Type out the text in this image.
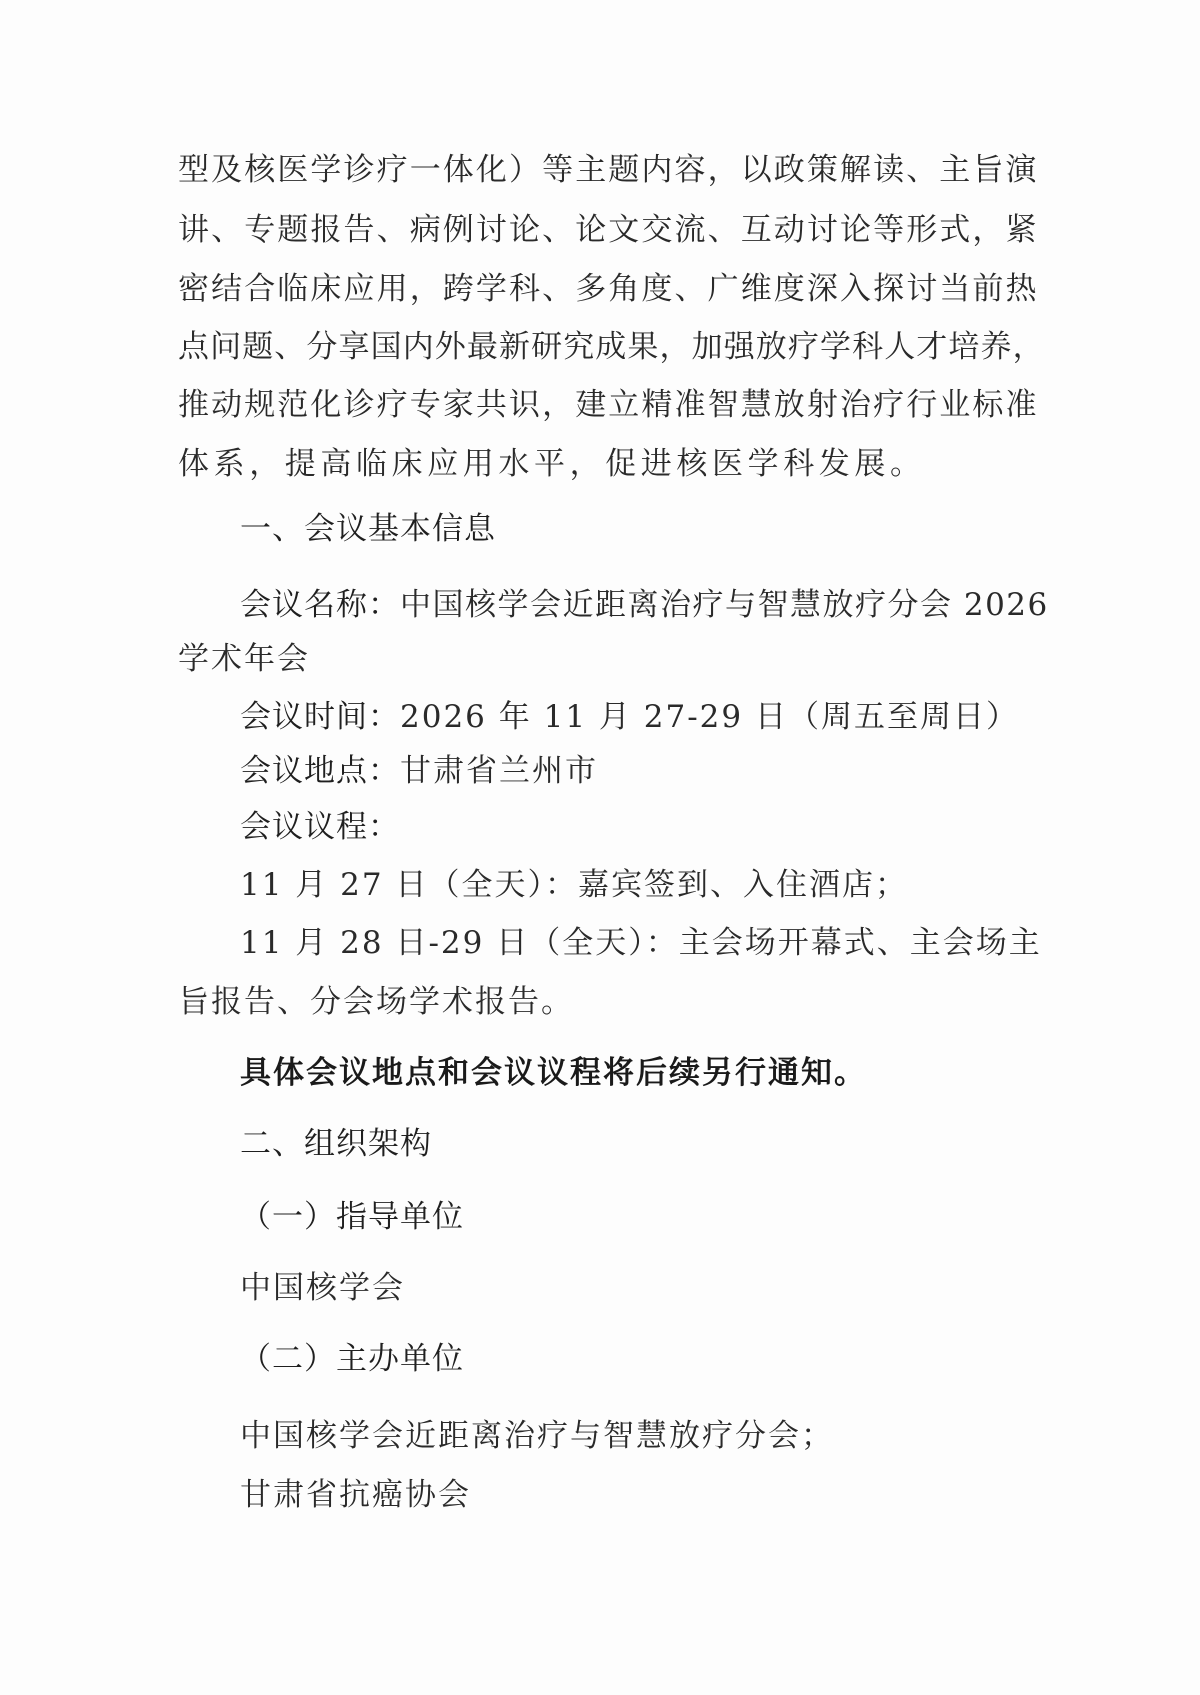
型及核医学诊疗一体化）等主题内容，以政策解读、主旨演
讲、专题报告、病例讨论、论文交流、互动讨论等形式，紧
密结合临床应用，跨学科、多角度、广维度深入探讨当前热
点问题、分享国内外最新研究成果，加强放疗学科人才培养，
推动规范化诊疗专家共识，建立精准智慧放射治疗行业标准
体系，提高临床应用水平，促进核医学科发展。
一、会议基本信息
会议名称：中国核学会近距离治疗与智慧放疗分会 2026
学术年会
会议时间：2026 年 11 月 27-29 日（周五至周日）
会议地点：甘肃省兰州市
会议议程：
11 月 27 日（全天）：嘉宾签到、入住酒店；
11 月 28 日-29 日（全天）：主会场开幕式、主会场主
旨报告、分会场学术报告。
具体会议地点和会议议程将后续另行通知。
二、组织架构
（一）指导单位
中国核学会
（二）主办单位
中国核学会近距离治疗与智慧放疗分会；
甘肃省抗癌协会
